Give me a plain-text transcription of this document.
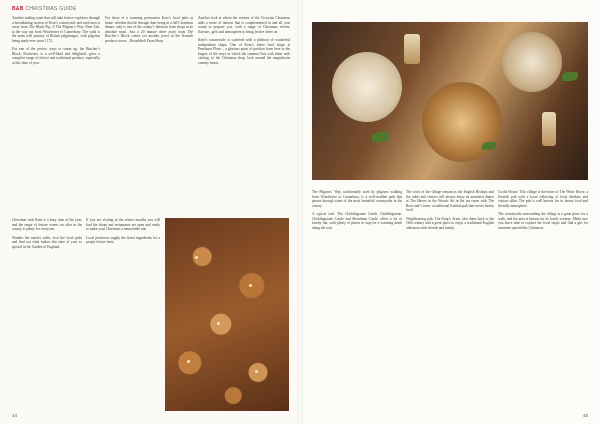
B&B CHRISTMAS GUIDE

Another trading route that will take festive explorers through a breathtaking section of Kent’s countryside and rural area is away from The Black Pig. A The Pilgrim’s Way. Near Ash, at the way out from Winchester to Canterbury. The walk is the main well journey of British pilgrimages, with pilgrims being made ever since 1172.

For one of the perfect ways to warm up, the Butcher’s Block, Rochester, is a well-liked and delightful, gives a complete range of festive and traditional produce, especially at this time of year.

For those of a warming persuasion Kent’s local pubs at home, whether that be through their being at a full Christmas dinner, only is one of the county’s fabulous farm shops at an absolute must. Just a 20 minute drive away from The Butcher’s Block comes yet another jewel in the Kentish produce crown – Broadditch Farm Shop.

Another look at where the venture of the Victorian Christmas adds a sense of interest that is complemented in and all year round to prepare you, with a range of Christmas events, flavours, gifts and atmosphere to bring festive cheer on.

Kent’s countryside is scattered with a plethora of wonderful independent shops. One of Kent’s finest food shops is Penshurst Place – a glorious point of produce from here to the largest of the ways in which the summer Fair with them with visiting, to the Christmas shop, look around the magnificent country house.

Christmas with Kent is a busy time of the year, and the range of festive events on offer in the county is plenty for everyone.

Wander the market stalls, visit the local pubs and find out what makes this time of year so special in the Garden of England.

If you are visiting in the winter months you will find the shops and restaurants are open and ready to make your Christmas a memorable one.

Local producers supply the finest ingredients for a proper festive feast.

44	45

The Pilgrims’ Way, traditionally used by pilgrims walking from Winchester to Canterbury, is a well-trodden path that passes through some of the most beautiful countryside in the county.

A typical trail, The Chiddingstone Castle, Chiddingstone, Chiddingstone Castle and Shoreham Castle, offers a lot of family fun, with plenty of places to stop for a warming drink along the way.

The roots of the village remain as the English Bishops and the cakes and visitors will always enjoy an unrushed dinner at The Haven in the Woods. Sit in the tea room with The Rose and Crown, a traditional Kentish pub that serves hearty food.

Neighbouring pub, The King’s Arms, also dates back to the 16th century and a great place to enjoy a traditional English afternoon with friends and family.

Cooke House. This village is the home of The White Horse, a Kentish pub with a loyal following of local drinkers and visitors alike. The pub is well known for its hearty food and friendly atmosphere.

The countryside surrounding the village is a great place for a walk, and the area is known for its lovely scenery. Make sure you leave time to explore the local shops and find a gift for someone special this Christmas.
